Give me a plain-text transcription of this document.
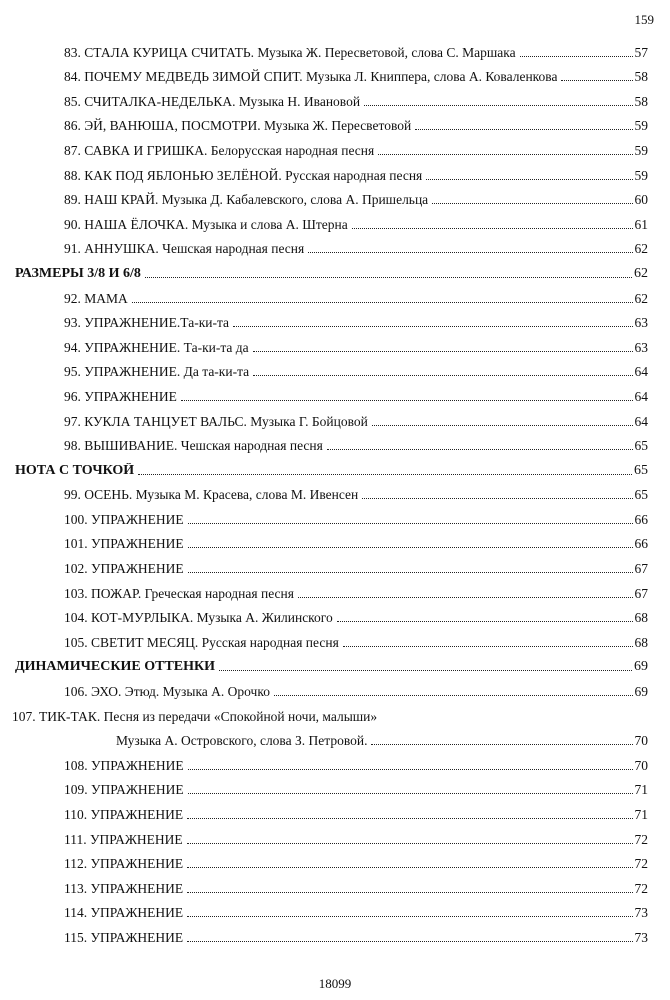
159
83. СТАЛА КУРИЦА СЧИТАТЬ. Музыка Ж. Пересветовой, слова С. Маршака	57
84. ПОЧЕМУ МЕДВЕДЬ ЗИМОЙ СПИТ. Музыка Л. Книппера, слова А. Коваленкова	58
85. СЧИТАЛКА-НЕДЕЛЬКА. Музыка Н. Ивановой	58
86. ЭЙ, ВАНЮША, ПОСМОТРИ. Музыка Ж. Пересветовой	59
87. САВКА И ГРИШКА. Белорусская народная песня	59
88. КАК ПОД ЯБЛОНЬЮ ЗЕЛЁНОЙ. Русская народная песня	59
89. НАШ КРАЙ. Музыка Д. Кабалевского, слова А. Пришельца	60
90. НАША ЁЛОЧКА. Музыка и слова А. Штерна	61
91. АННУШКА. Чешская народная песня	62
РАЗМЕРЫ 3/8 И 6/8	62
92. МАМА	62
93. УПРАЖНЕНИЕ.Та-ки-та	63
94. УПРАЖНЕНИЕ. Та-ки-та да	63
95. УПРАЖНЕНИЕ. Да та-ки-та	64
96. УПРАЖНЕНИЕ	64
97. КУКЛА ТАНЦУЕТ ВАЛЬС. Музыка Г. Бойцовой	64
98. ВЫШИВАНИЕ. Чешская народная песня	65
НОТА С ТОЧКОЙ	65
99. ОСЕНЬ. Музыка М. Красева, слова М. Ивенсен	65
100. УПРАЖНЕНИЕ	66
101. УПРАЖНЕНИЕ	66
102. УПРАЖНЕНИЕ	67
103. ПОЖАР. Греческая народная песня	67
104. КОТ-МУРЛЫКА. Музыка А. Жилинского	68
105. СВЕТИТ МЕСЯЦ. Русская народная песня	68
ДИНАМИЧЕСКИЕ ОТТЕНКИ	69
106. ЭХО. Этюд. Музыка А. Орочко	69
107. ТИК-ТАК. Песня из передачи «Спокойной ночи, малыши»
Музыка А. Островского, слова З. Петровой.	70
108. УПРАЖНЕНИЕ	70
109. УПРАЖНЕНИЕ	71
110. УПРАЖНЕНИЕ	71
111. УПРАЖНЕНИЕ	72
112. УПРАЖНЕНИЕ	72
113. УПРАЖНЕНИЕ	72
114. УПРАЖНЕНИЕ	73
115. УПРАЖНЕНИЕ	73
18099
